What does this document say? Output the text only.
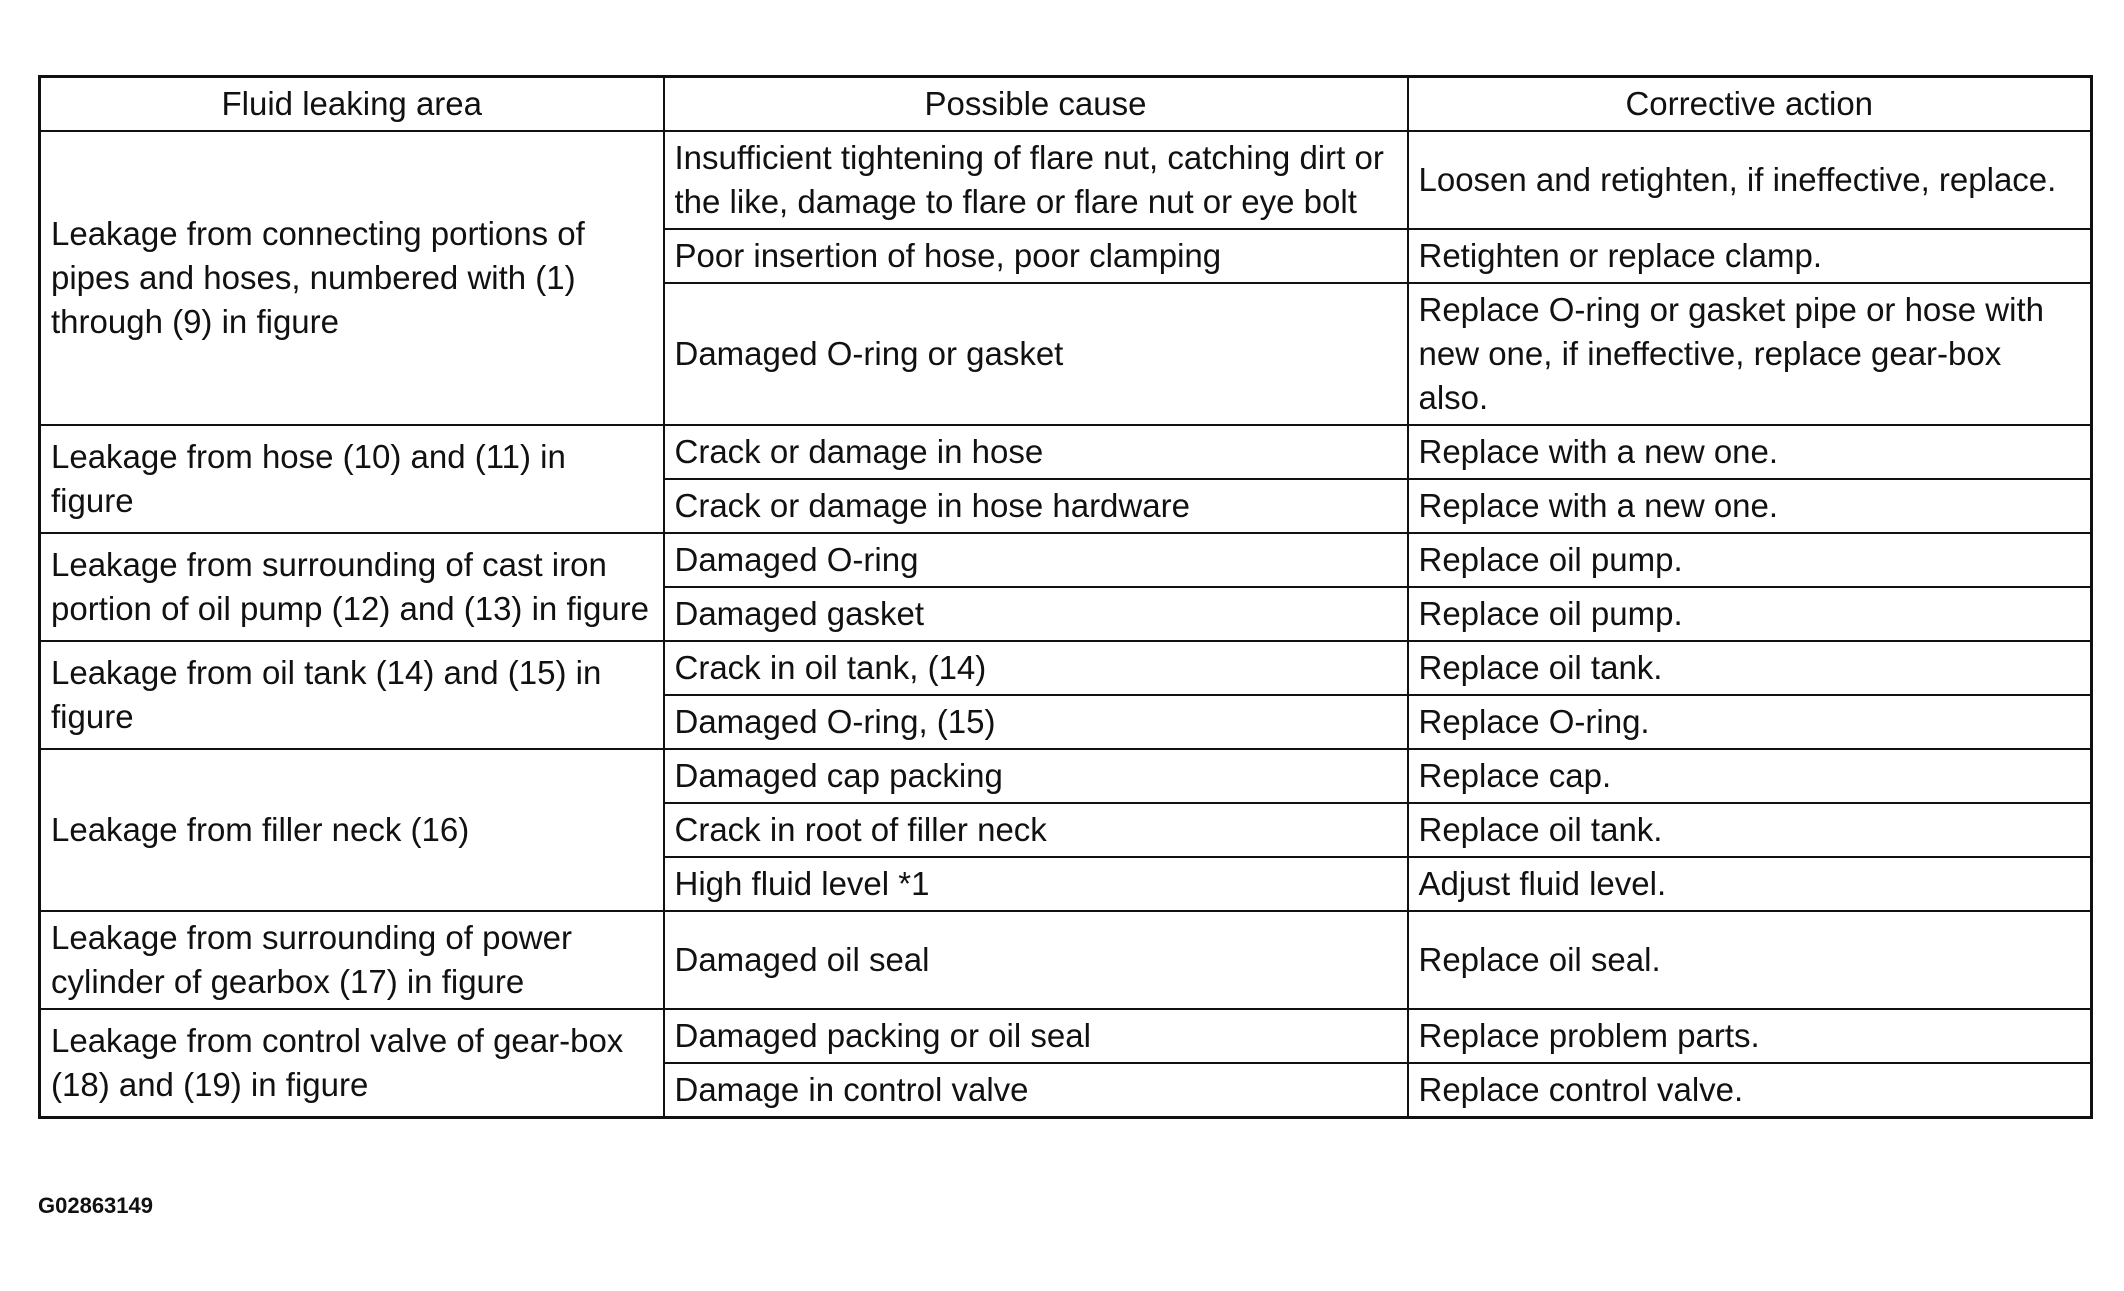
Fluid leaking area	Possible cause	Corrective action
Leakage from connecting portions of pipes and hoses, numbered with (1) through (9) in figure	Insufficient tightening of flare nut, catching dirt or the like, damage to flare or flare nut or eye bolt	Loosen and retighten, if ineffective, replace.
	Poor insertion of hose, poor clamping	Retighten or replace clamp.
	Damaged O-ring or gasket	Replace O-ring or gasket pipe or hose with new one, if ineffective, replace gear-box also.
Leakage from hose (10) and (11) in figure	Crack or damage in hose	Replace with a new one.
	Crack or damage in hose hardware	Replace with a new one.
Leakage from surrounding of cast iron portion of oil pump (12) and (13) in figure	Damaged O-ring	Replace oil pump.
	Damaged gasket	Replace oil pump.
Leakage from oil tank (14) and (15) in figure	Crack in oil tank, (14)	Replace oil tank.
	Damaged O-ring, (15)	Replace O-ring.
Leakage from filler neck (16)	Damaged cap packing	Replace cap.
	Crack in root of filler neck	Replace oil tank.
	High fluid level *1	Adjust fluid level.
Leakage from surrounding of power cylinder of gearbox (17) in figure	Damaged oil seal	Replace oil seal.
Leakage from control valve of gear-box (18) and (19) in figure	Damaged packing or oil seal	Replace problem parts.
	Damage in control valve	Replace control valve.
G02863149
